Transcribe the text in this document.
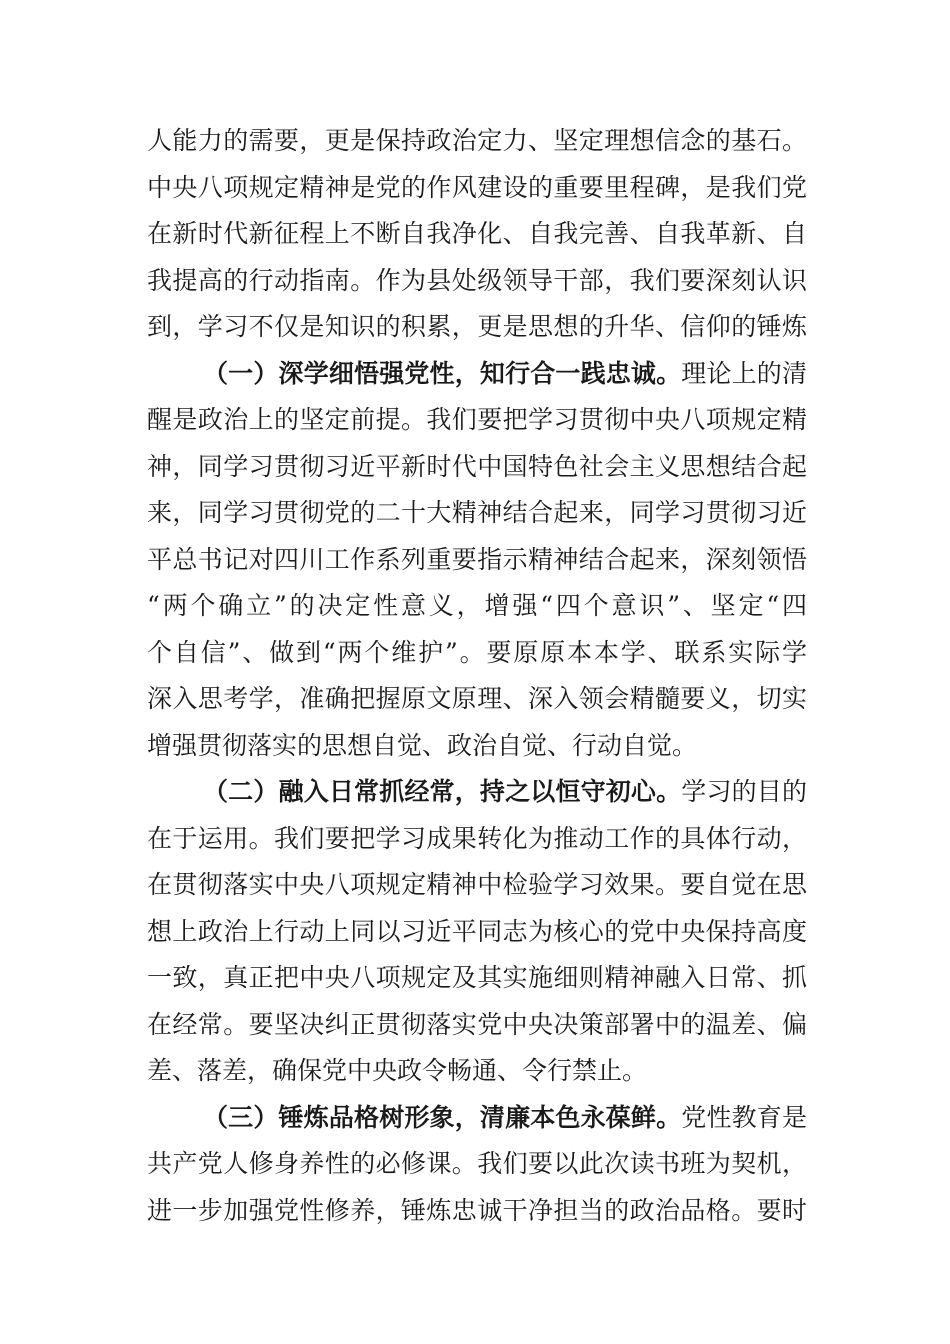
人能力的需要，更是保持政治定力、坚定理想信念的基石。
中央八项规定精神是党的作风建设的重要里程碑，是我们党
在新时代新征程上不断自我净化、自我完善、自我革新、自
我提高的行动指南。作为县处级领导干部，我们要深刻认识
到，学习不仅是知识的积累，更是思想的升华、信仰的锤炼
（一）深学细悟强党性，知行合一践忠诚。理论上的清
醒是政治上的坚定前提。我们要把学习贯彻中央八项规定精
神，同学习贯彻习近平新时代中国特色社会主义思想结合起
来，同学习贯彻党的二十大精神结合起来，同学习贯彻习近
平总书记对四川工作系列重要指示精神结合起来，深刻领悟
“两个确立”的决定性意义，增强“四个意识”、坚定“四
个自信”、做到“两个维护”。要原原本本学、联系实际学
深入思考学，准确把握原文原理、深入领会精髓要义，切实
增强贯彻落实的思想自觉、政治自觉、行动自觉。
（二）融入日常抓经常，持之以恒守初心。学习的目的
在于运用。我们要把学习成果转化为推动工作的具体行动，
在贯彻落实中央八项规定精神中检验学习效果。要自觉在思
想上政治上行动上同以习近平同志为核心的党中央保持高度
一致，真正把中央八项规定及其实施细则精神融入日常、抓
在经常。要坚决纠正贯彻落实党中央决策部署中的温差、偏
差、落差，确保党中央政令畅通、令行禁止。
（三）锤炼品格树形象，清廉本色永葆鲜。党性教育是
共产党人修身养性的必修课。我们要以此次读书班为契机，
进一步加强党性修养，锤炼忠诚干净担当的政治品格。要时
